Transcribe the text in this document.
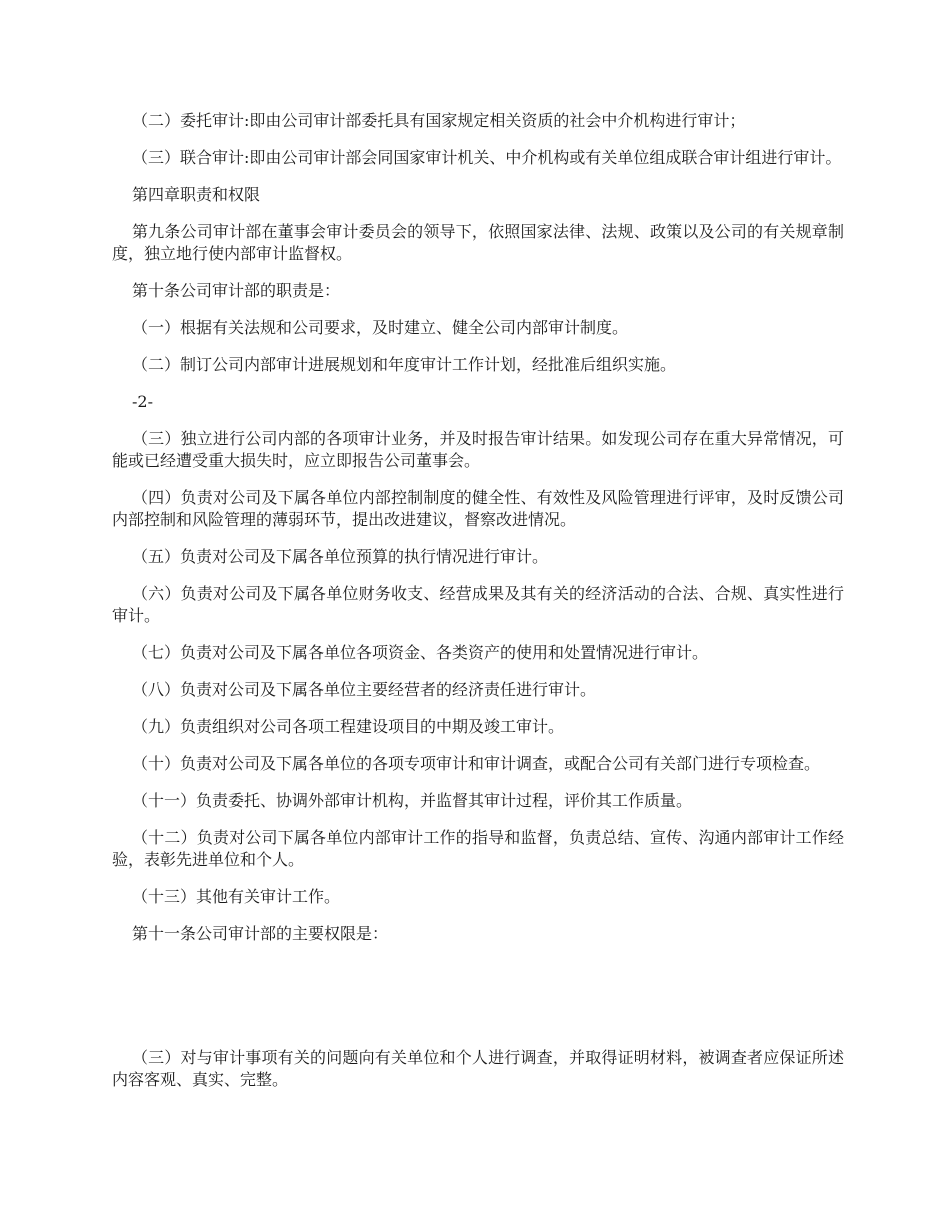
（二）委托审计:即由公司审计部委托具有国家规定相关资质的社会中介机构进行审计；

（三）联合审计:即由公司审计部会同国家审计机关、中介机构或有关单位组成联合审计组进行审计。

第四章职责和权限

第九条公司审计部在董事会审计委员会的领导下，依照国家法律、法规、政策以及公司的有关规章制度，独立地行使内部审计监督权。

第十条公司审计部的职责是：

（一）根据有关法规和公司要求，及时建立、健全公司内部审计制度。

（二）制订公司内部审计进展规划和年度审计工作计划，经批准后组织实施。

-2-

（三）独立进行公司内部的各项审计业务，并及时报告审计结果。如发现公司存在重大异常情况，可能或已经遭受重大损失时，应立即报告公司董事会。

（四）负责对公司及下属各单位内部控制制度的健全性、有效性及风险管理进行评审，及时反馈公司内部控制和风险管理的薄弱环节，提出改进建议，督察改进情况。

（五）负责对公司及下属各单位预算的执行情况进行审计。

（六）负责对公司及下属各单位财务收支、经营成果及其有关的经济活动的合法、合规、真实性进行审计。

（七）负责对公司及下属各单位各项资金、各类资产的使用和处置情况进行审计。

（八）负责对公司及下属各单位主要经营者的经济责任进行审计。

（九）负责组织对公司各项工程建设项目的中期及竣工审计。

（十）负责对公司及下属各单位的各项专项审计和审计调查，或配合公司有关部门进行专项检查。

（十一）负责委托、协调外部审计机构，并监督其审计过程，评价其工作质量。

（十二）负责对公司下属各单位内部审计工作的指导和监督，负责总结、宣传、沟通内部审计工作经验，表彰先进单位和个人。

（十三）其他有关审计工作。

第十一条公司审计部的主要权限是：

（三）对与审计事项有关的问题向有关单位和个人进行调查，并取得证明材料，被调查者应保证所述内容客观、真实、完整。
